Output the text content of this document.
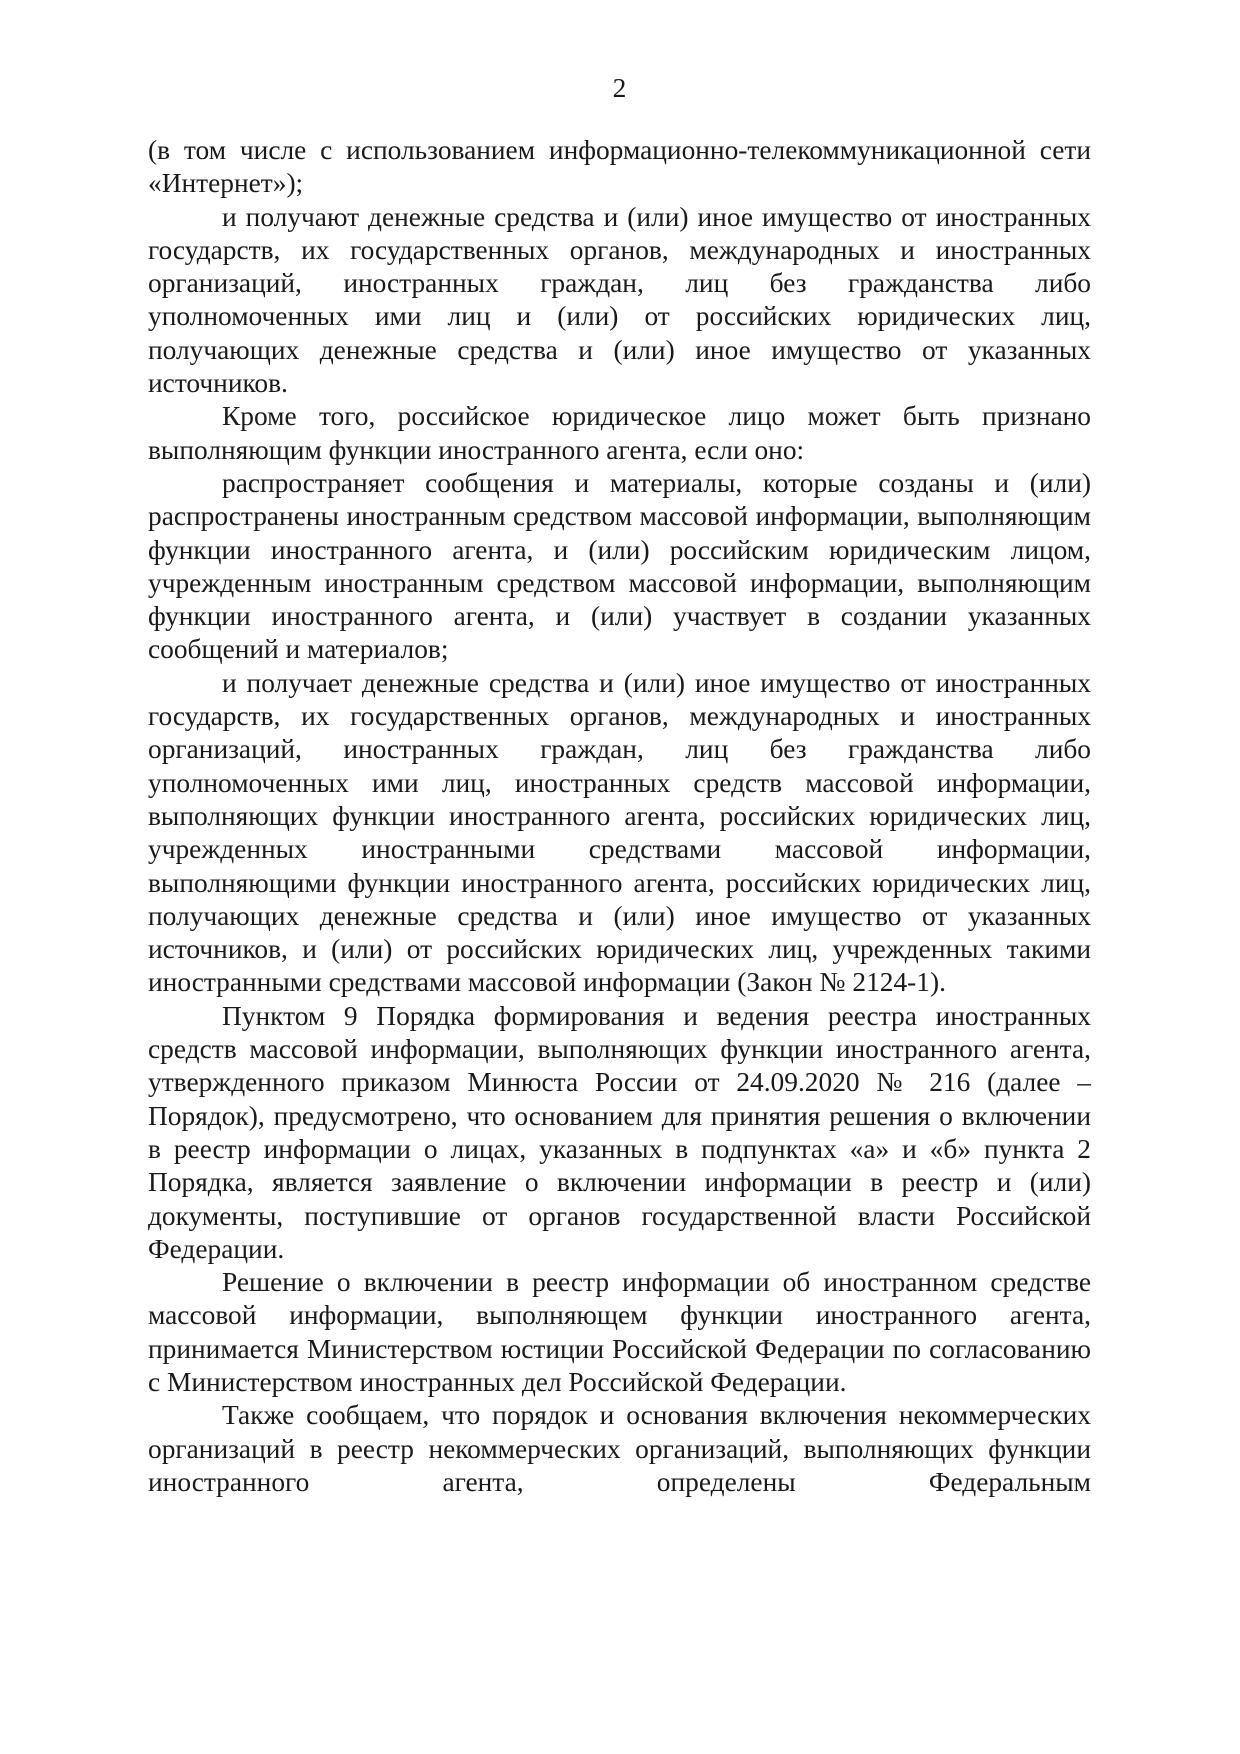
2

(в том числе с использованием информационно-телекоммуникационной сети «Интернет»);

и получают денежные средства и (или) иное имущество от иностранных государств, их государственных органов, международных и иностранных организаций, иностранных граждан, лиц без гражданства либо уполномоченных ими лиц и (или) от российских юридических лиц, получающих денежные средства и (или) иное имущество от указанных источников.

Кроме того, российское юридическое лицо может быть признано выполняющим функции иностранного агента, если оно:

распространяет сообщения и материалы, которые созданы и (или) распространены иностранным средством массовой информации, выполняющим функции иностранного агента, и (или) российским юридическим лицом, учрежденным иностранным средством массовой информации, выполняющим функции иностранного агента, и (или) участвует в создании указанных сообщений и материалов;

и получает денежные средства и (или) иное имущество от иностранных государств, их государственных органов, международных и иностранных организаций, иностранных граждан, лиц без гражданства либо уполномоченных ими лиц, иностранных средств массовой информации, выполняющих функции иностранного агента, российских юридических лиц, учрежденных иностранными средствами массовой информации, выполняющими функции иностранного агента, российских юридических лиц, получающих денежные средства и (или) иное имущество от указанных источников, и (или) от российских юридических лиц, учрежденных такими иностранными средствами массовой информации (Закон № 2124-1).

Пунктом 9 Порядка формирования и ведения реестра иностранных средств массовой информации, выполняющих функции иностранного агента, утвержденного приказом Минюста России от 24.09.2020 № 216 (далее – Порядок), предусмотрено, что основанием для принятия решения о включении в реестр информации о лицах, указанных в подпунктах «а» и «б» пункта 2 Порядка, является заявление о включении информации в реестр и (или) документы, поступившие от органов государственной власти Российской Федерации.

Решение о включении в реестр информации об иностранном средстве массовой информации, выполняющем функции иностранного агента, принимается Министерством юстиции Российской Федерации по согласованию с Министерством иностранных дел Российской Федерации.

Также сообщаем, что порядок и основания включения некоммерческих организаций в реестр некоммерческих организаций, выполняющих функции иностранного агента, определены Федеральным
